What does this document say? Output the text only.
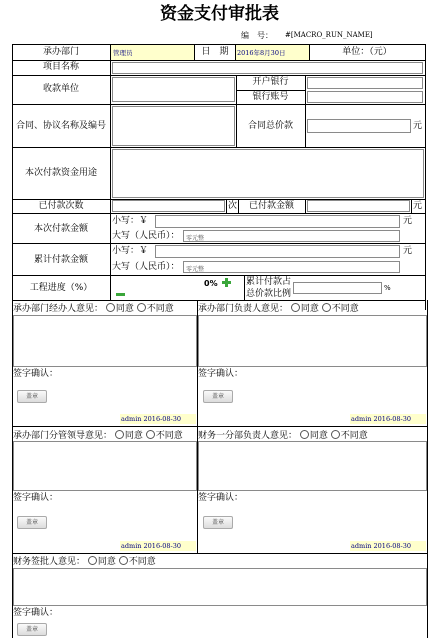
资金支付审批表
编　号： #[MACRO_RUN_NAME]
承办部门	管理员	日　期	2016年8月30日	单位：（元）
项目名称
收款单位
开户银行
银行账号
合同、协议名称及编号	合同总价款	元
本次付款资金用途
已付款次数	次	已付款金额	元
本次付款金额
小写：￥	元
大写（人民币）： 零元整
累计付款金额
小写：￥	元
大写（人民币）： 零元整
工程进度（%）	0%	累计付款占
总价款比例
%
承办部门经办人意见： 同意 不同意
签字确认：
盖章
admin 2016-08-30
承办部门负责人意见： 同意 不同意
签字确认：
盖章
admin 2016-08-30
承办部门分管领导意见： 同意 不同意
签字确认：
盖章
admin 2016-08-30
财务一分部负责人意见： 同意 不同意
签字确认：
盖章
admin 2016-08-30
财务签批人意见： 同意 不同意
签字确认：
盖章
